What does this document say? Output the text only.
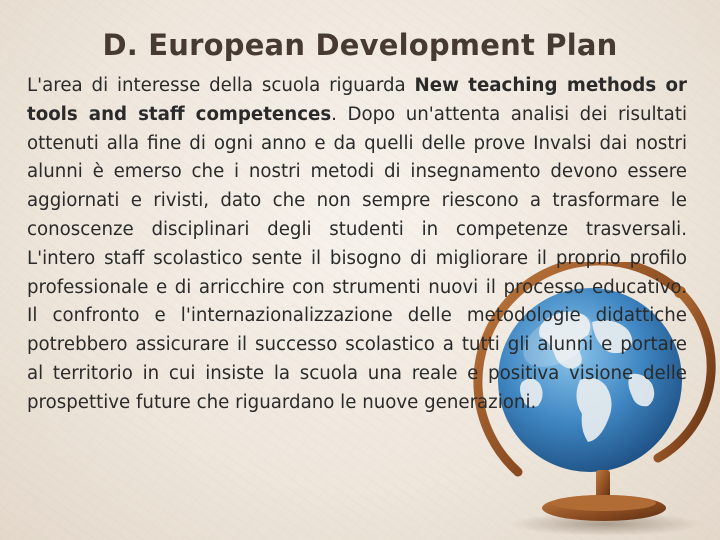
D. European Development Plan
L'area di interesse della scuola riguarda New teaching methods or tools and staff competences. Dopo un'attenta analisi dei risultati ottenuti alla fine di ogni anno e da quelli delle prove Invalsi dai nostri alunni è emerso che i nostri metodi di insegnamento devono essere aggiornati e rivisti, dato che non sempre riescono a trasformare le conoscenze disciplinari degli studenti in competenze trasversali. L'intero staff scolastico sente il bisogno di migliorare il proprio profilo professionale e di arricchire con strumenti nuovi il processo educativo. Il confronto e l'internazionalizzazione delle metodologie didattiche potrebbero assicurare il successo scolastico a tutti gli alunni e portare al territorio in cui insiste la scuola una reale e positiva visione delle prospettive future che riguardano le nuove generazioni.
